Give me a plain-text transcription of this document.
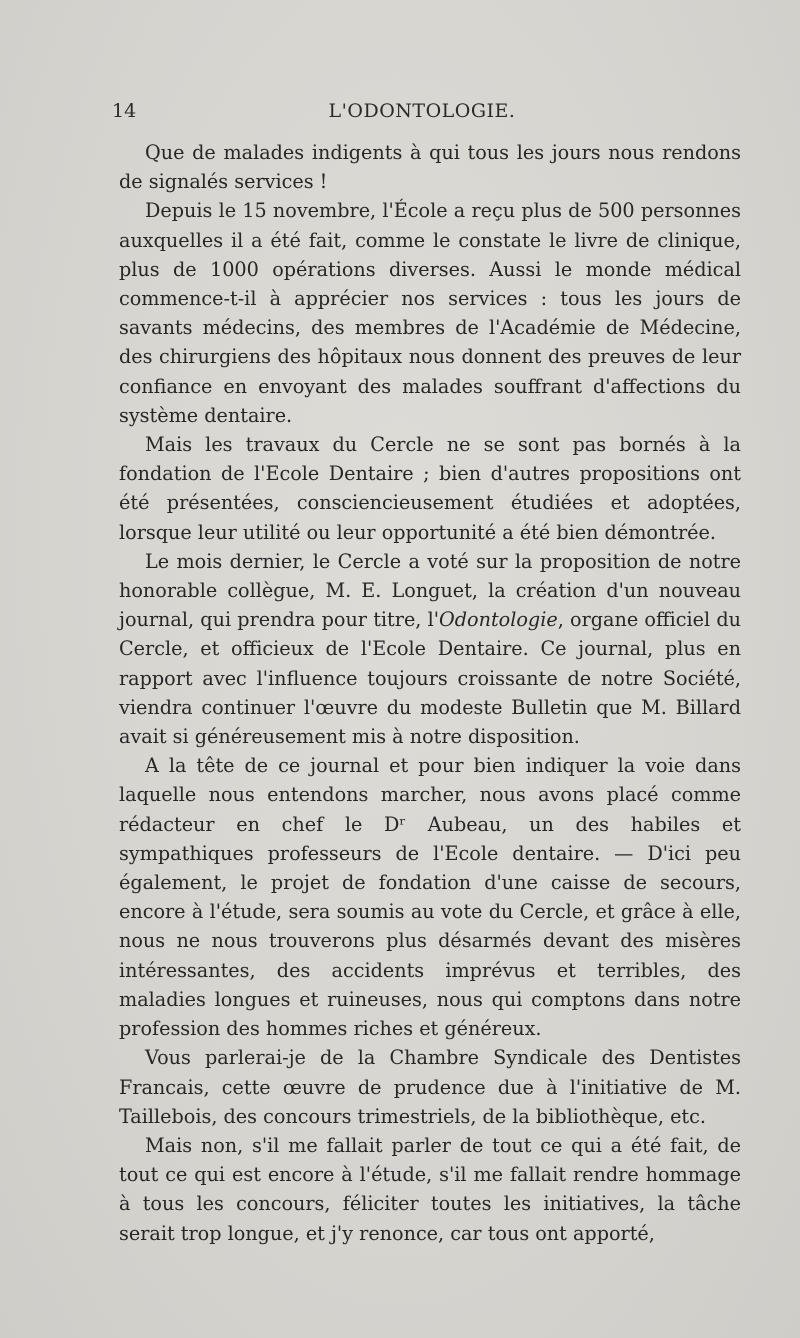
14	L'ODONTOLOGIE.

Que de malades indigents à qui tous les jours nous rendons de signalés services !

Depuis le 15 novembre, l'École a reçu plus de 500 personnes auxquelles il a été fait, comme le constate le livre de clinique, plus de 1000 opérations diverses. Aussi le monde médical commence-t-il à apprécier nos services : tous les jours de savants médecins, des membres de l'Académie de Médecine, des chirurgiens des hôpitaux nous donnent des preuves de leur confiance en envoyant des malades souffrant d'affections du système dentaire.

Mais les travaux du Cercle ne se sont pas bornés à la fondation de l'Ecole Dentaire ; bien d'autres propositions ont été présentées, consciencieusement étudiées et adoptées, lorsque leur utilité ou leur opportunité a été bien démontrée.

Le mois dernier, le Cercle a voté sur la proposition de notre honorable collègue, M. E. Longuet, la création d'un nouveau journal, qui prendra pour titre, l'Odontologie, organe officiel du Cercle, et officieux de l'Ecole Dentaire. Ce journal, plus en rapport avec l'influence toujours croissante de notre Société, viendra continuer l'œuvre du modeste Bulletin que M. Billard avait si généreusement mis à notre disposition.

A la tête de ce journal et pour bien indiquer la voie dans laquelle nous entendons marcher, nous avons placé comme rédacteur en chef le Dʳ Aubeau, un des habiles et sympathiques professeurs de l'Ecole dentaire. — D'ici peu également, le projet de fondation d'une caisse de secours, encore à l'étude, sera soumis au vote du Cercle, et grâce à elle, nous ne nous trouverons plus désarmés devant des misères intéressantes, des accidents imprévus et terribles, des maladies longues et ruineuses, nous qui comptons dans notre profession des hommes riches et généreux.

Vous parlerai-je de la Chambre Syndicale des Dentistes Francais, cette œuvre de prudence due à l'initiative de M. Taillebois, des concours trimestriels, de la bibliothèque, etc.

Mais non, s'il me fallait parler de tout ce qui a été fait, de tout ce qui est encore à l'étude, s'il me fallait rendre hommage à tous les concours, féliciter toutes les initiatives, la tâche serait trop longue, et j'y renonce, car tous ont apporté,
